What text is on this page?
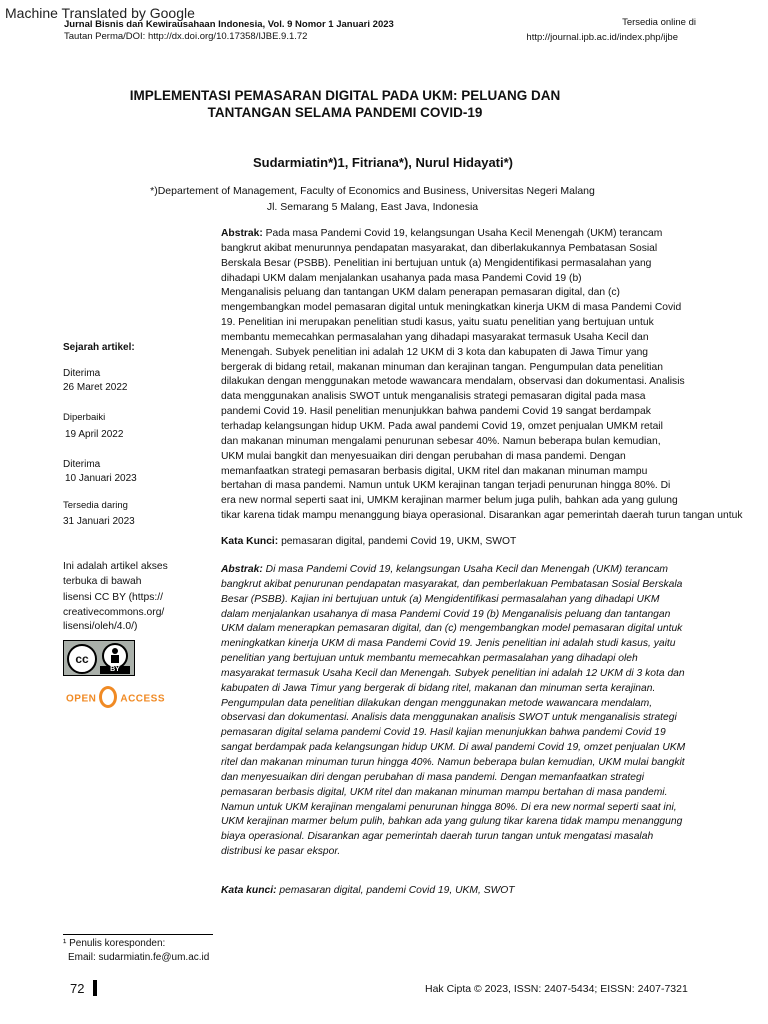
Machine Translated by Google
Jurnal Bisnis dan Kewirausahaan Indonesia, Vol. 9 Nomor 1 Januari 2023
Tautan Perma/DOI: http://dx.doi.org/10.17358/IJBE.9.1.72
Tersedia online di
http://journal.ipb.ac.id/index.php/ijbe
IMPLEMENTASI PEMASARAN DIGITAL PADA UKM: PELUANG DAN
TANTANGAN SELAMA PANDEMI COVID-19
Sudarmiatin*)1, Fitriana*), Nurul Hidayati*)
*)Departement of Management, Faculty of Economics and Business, Universitas Negeri Malang
Jl. Semarang 5 Malang, East Java, Indonesia
Abstrak: Pada masa Pandemi Covid 19, kelangsungan Usaha Kecil Menengah (UKM) terancam
bangkrut akibat menurunnya pendapatan masyarakat, dan diberlakukannya Pembatasan Sosial
Berskala Besar (PSBB). Penelitian ini bertujuan untuk (a) Mengidentifikasi permasalahan yang
dihadapi UKM dalam menjalankan usahanya pada masa Pandemi Covid 19 (b)
Menganalisis peluang dan tantangan UKM dalam penerapan pemasaran digital, dan (c)
mengembangkan model pemasaran digital untuk meningkatkan kinerja UKM di masa Pandemi Covid
19. Penelitian ini merupakan penelitian studi kasus, yaitu suatu penelitian yang bertujuan untuk
membantu memecahkan permasalahan yang dihadapi masyarakat termasuk Usaha Kecil dan
Menengah. Subyek penelitian ini adalah 12 UKM di 3 kota dan kabupaten di Jawa Timur yang
bergerak di bidang retail, makanan minuman dan kerajinan tangan. Pengumpulan data penelitian
dilakukan dengan menggunakan metode wawancara mendalam, observasi dan dokumentasi. Analisis
data menggunakan analisis SWOT untuk menganalisis strategi pemasaran digital pada masa
pandemi Covid 19. Hasil penelitian menunjukkan bahwa pandemi Covid 19 sangat berdampak
terhadap kelangsungan hidup UKM. Pada awal pandemi Covid 19, omzet penjualan UMKM retail
dan makanan minuman mengalami penurunan sebesar 40%. Namun beberapa bulan kemudian,
UKM mulai bangkit dan menyesuaikan diri dengan perubahan di masa pandemi. Dengan
memanfaatkan strategi pemasaran berbasis digital, UKM ritel dan makanan minuman mampu
bertahan di masa pandemi. Namun untuk UKM kerajinan tangan terjadi penurunan hingga 80%. Di
era new normal seperti saat ini, UMKM kerajinan marmer belum juga pulih, bahkan ada yang gulung
tikar karena tidak mampu menanggung biaya operasional. Disarankan agar pemerintah daerah turun tangan untuk
Kata Kunci: pemasaran digital, pandemi Covid 19, UKM, SWOT
Abstrak: Di masa Pandemi Covid 19, kelangsungan Usaha Kecil dan Menengah (UKM) terancam
bangkrut akibat penurunan pendapatan masyarakat, dan pemberlakuan Pembatasan Sosial Berskala
Besar (PSBB). Kajian ini bertujuan untuk (a) Mengidentifikasi permasalahan yang dihadapi UKM
dalam menjalankan usahanya di masa Pandemi Covid 19 (b) Menganalisis peluang dan tantangan
UKM dalam menerapkan pemasaran digital, dan (c) mengembangkan model pemasaran digital untuk
meningkatkan kinerja UKM di masa Pandemi Covid 19. Jenis penelitian ini adalah studi kasus, yaitu
penelitian yang bertujuan untuk membantu memecahkan permasalahan yang dihadapi oleh
masyarakat termasuk Usaha Kecil dan Menengah. Subyek penelitian ini adalah 12 UKM di 3 kota dan
kabupaten di Jawa Timur yang bergerak di bidang ritel, makanan dan minuman serta kerajinan.
Pengumpulan data penelitian dilakukan dengan menggunakan metode wawancara mendalam,
observasi dan dokumentasi. Analisis data menggunakan analisis SWOT untuk menganalisis strategi
pemasaran digital selama pandemi Covid 19. Hasil kajian menunjukkan bahwa pandemi Covid 19
sangat berdampak pada kelangsungan hidup UKM. Di awal pandemi Covid 19, omzet penjualan UKM
ritel dan makanan minuman turun hingga 40%. Namun beberapa bulan kemudian, UKM mulai bangkit
dan menyesuaikan diri dengan perubahan di masa pandemi. Dengan memanfaatkan strategi
pemasaran berbasis digital, UKM ritel dan makanan minuman mampu bertahan di masa pandemi.
Namun untuk UKM kerajinan mengalami penurunan hingga 80%. Di era new normal seperti saat ini,
UKM kerajinan marmer belum pulih, bahkan ada yang gulung tikar karena tidak mampu menanggung
biaya operasional. Disarankan agar pemerintah daerah turun tangan untuk mengatasi masalah
distribusi ke pasar ekspor.
Kata kunci: pemasaran digital, pandemi Covid 19, UKM, SWOT
Sejarah artikel:
Diterima
26 Maret 2022
Diperbaiki
19 April 2022
Diterima
10 Januari 2023
Tersedia daring
31 Januari 2023
Ini adalah artikel akses
terbuka di bawah
lisensi CC BY (https://
creativecommons.org/
lisensi/oleh/4.0/)
cc
BY
OPEN ACCESS
¹ Penulis koresponden:
Email: sudarmiatin.fe@um.ac.id
72	Hak Cipta © 2023, ISSN: 2407-5434; EISSN: 2407-7321
